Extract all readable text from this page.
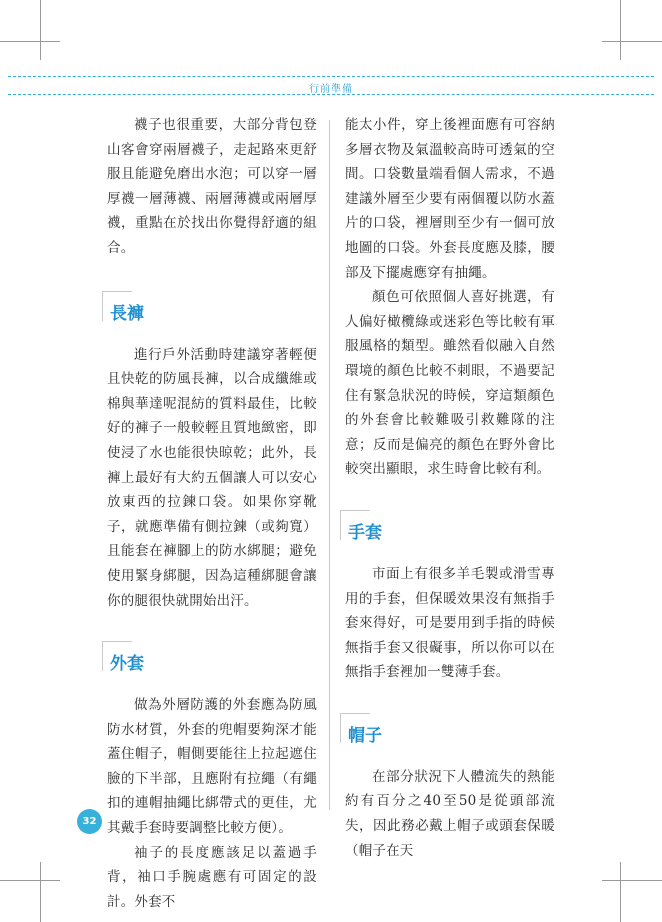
行前準備

襪子也很重要，大部分背包登山客會穿兩層襪子，走起路來更舒服且能避免磨出水泡；可以穿一層厚襪一層薄襪、兩層薄襪或兩層厚襪，重點在於找出你覺得舒適的組合。

長褲

進行戶外活動時建議穿著輕便且快乾的防風長褲，以合成纖維或棉與華達呢混紡的質料最佳，比較好的褲子一般較輕且質地緻密，即使浸了水也能很快晾乾；此外，長褲上最好有大約五個讓人可以安心放東西的拉鍊口袋。如果你穿靴子，就應準備有側拉鍊（或夠寬）且能套在褲腳上的防水綁腿；避免使用緊身綁腿，因為這種綁腿會讓你的腿很快就開始出汗。

外套

做為外層防護的外套應為防風防水材質，外套的兜帽要夠深才能蓋住帽子，帽側要能往上拉起遮住臉的下半部，且應附有拉繩（有繩扣的連帽抽繩比綁帶式的更佳，尤其戴手套時要調整比較方便）。

袖子的長度應該足以蓋過手背，袖口手腕處應有可固定的設計。外套不

能太小件，穿上後裡面應有可容納多層衣物及氣溫較高時可透氣的空間。口袋數量端看個人需求，不過建議外層至少要有兩個覆以防水蓋片的口袋，裡層則至少有一個可放地圖的口袋。外套長度應及膝，腰部及下擺處應穿有抽繩。

顏色可依照個人喜好挑選，有人偏好橄欖綠或迷彩色等比較有軍服風格的類型。雖然看似融入自然環境的顏色比較不刺眼，不過要記住有緊急狀況的時候，穿這類顏色的外套會比較難吸引救難隊的注意；反而是偏亮的顏色在野外會比較突出顯眼，求生時會比較有利。

手套

市面上有很多羊毛製或滑雪專用的手套，但保暖效果沒有無指手套來得好，可是要用到手指的時候無指手套又很礙事，所以你可以在無指手套裡加一雙薄手套。

帽子

在部分狀況下人體流失的熱能約有百分之40至50是從頭部流失，因此務必戴上帽子或頭套保暖（帽子在天

32
